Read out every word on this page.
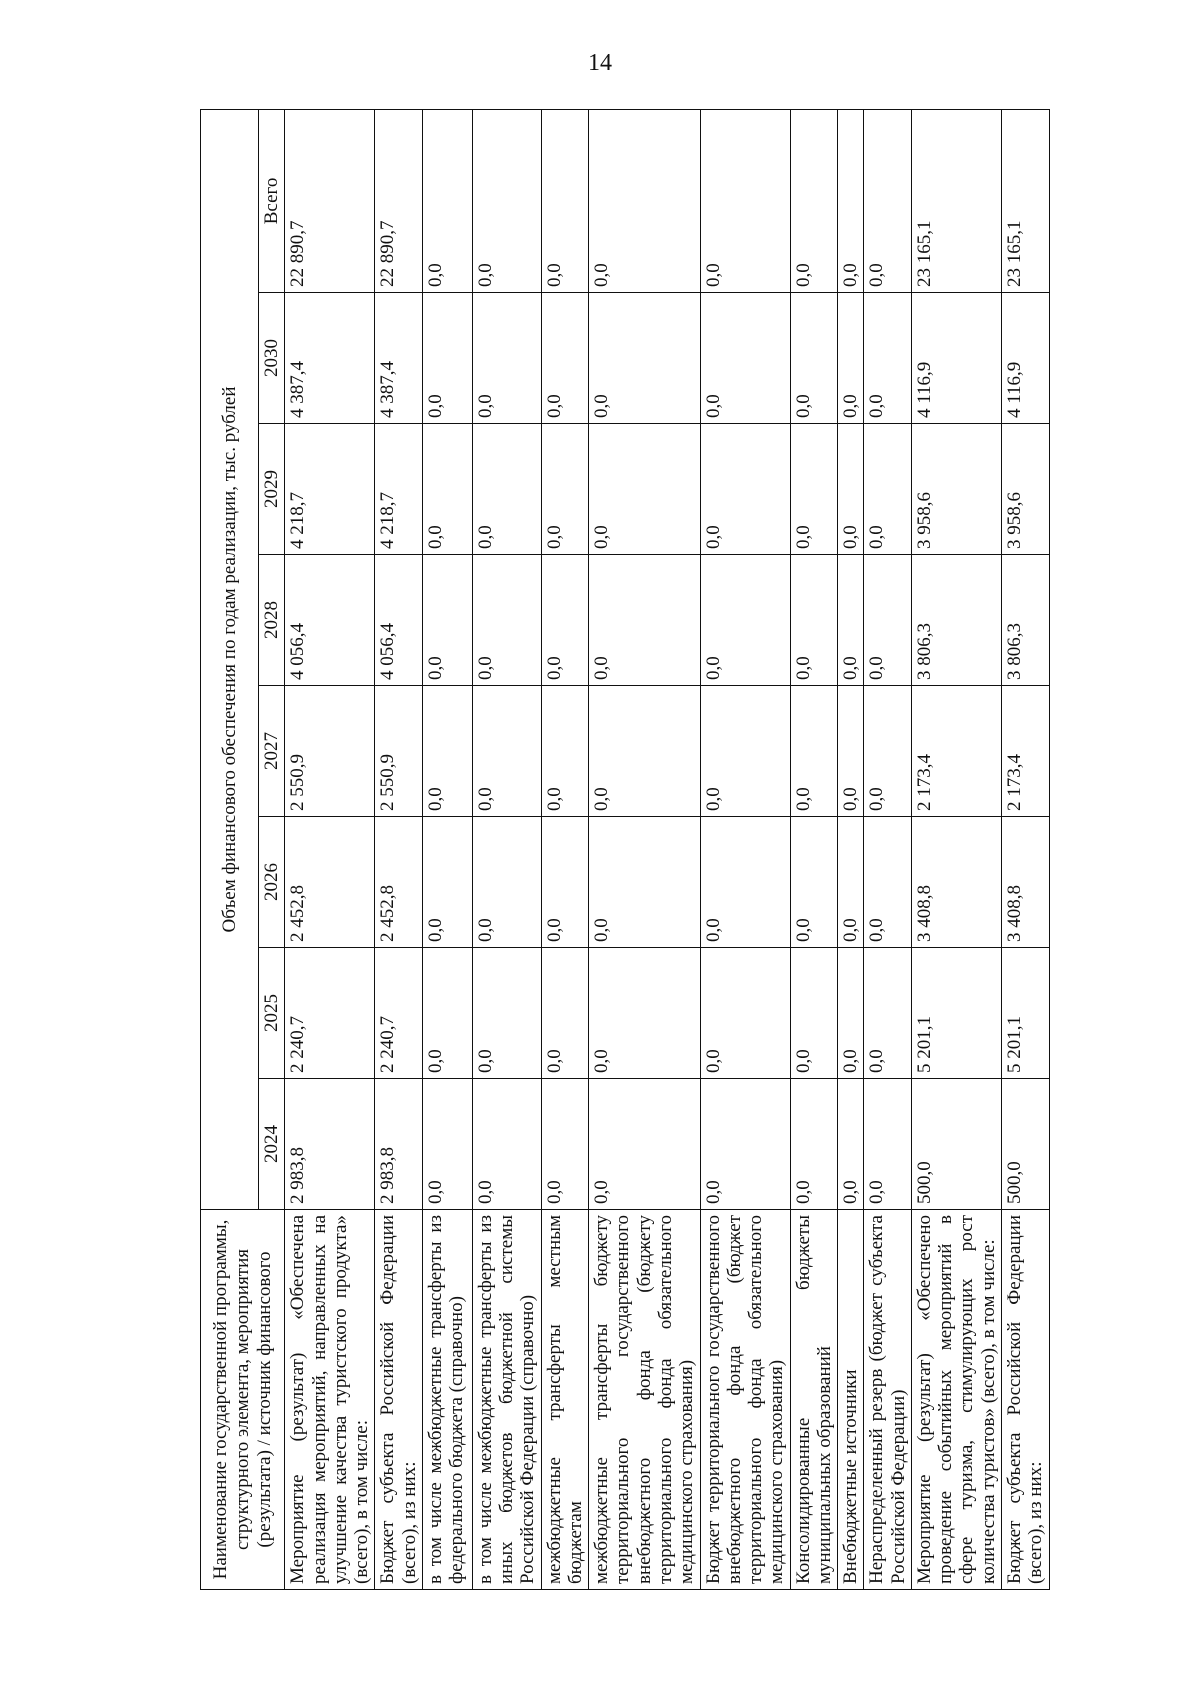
14
Наименование государственной программы, структурного элемента, мероприятия (результата) / источник финансового	Объем финансового обеспечения по годам реализации, тыс. рублей							
	2024	2025	2026	2027	2028	2029	2030	Всего
Мероприятие (результат) «Обеспечена реализация мероприятий, направленных на улучшение качества туристского продукта» (всего), в том числе:	2 983,8	2 240,7	2 452,8	2 550,9	4 056,4	4 218,7	4 387,4	22 890,7
Бюджет субъекта Российской Федерации (всего), из них:	2 983,8	2 240,7	2 452,8	2 550,9	4 056,4	4 218,7	4 387,4	22 890,7
в том числе межбюджетные трансферты из федерального бюджета (справочно)	0,0	0,0	0,0	0,0	0,0	0,0	0,0	0,0
в том числе межбюджетные трансферты из иных бюджетов бюджетной системы Российской Федерации (справочно)	0,0	0,0	0,0	0,0	0,0	0,0	0,0	0,0
межбюджетные трансферты местным бюджетам	0,0	0,0	0,0	0,0	0,0	0,0	0,0	0,0
межбюджетные трансферты бюджету территориального государственного внебюджетного фонда (бюджету территориального фонда обязательного медицинского страхования)	0,0	0,0	0,0	0,0	0,0	0,0	0,0	0,0
Бюджет территориального государственного внебюджетного фонда (бюджет территориального фонда обязательного медицинского страхования)	0,0	0,0	0,0	0,0	0,0	0,0	0,0	0,0
Консолидированные бюджеты муниципальных образований	0,0	0,0	0,0	0,0	0,0	0,0	0,0	0,0
Внебюджетные источники	0,0	0,0	0,0	0,0	0,0	0,0	0,0	0,0
Нераспределенный резерв (бюджет субъекта Российской Федерации)	0,0	0,0	0,0	0,0	0,0	0,0	0,0	0,0
Мероприятие (результат) «Обеспечено проведение событийных мероприятий в сфере туризма, стимулирующих рост количества туристов» (всего), в том числе:	500,0	5 201,1	3 408,8	2 173,4	3 806,3	3 958,6	4 116,9	23 165,1
Бюджет субъекта Российской Федерации (всего), из них:	500,0	5 201,1	3 408,8	2 173,4	3 806,3	3 958,6	4 116,9	23 165,1
